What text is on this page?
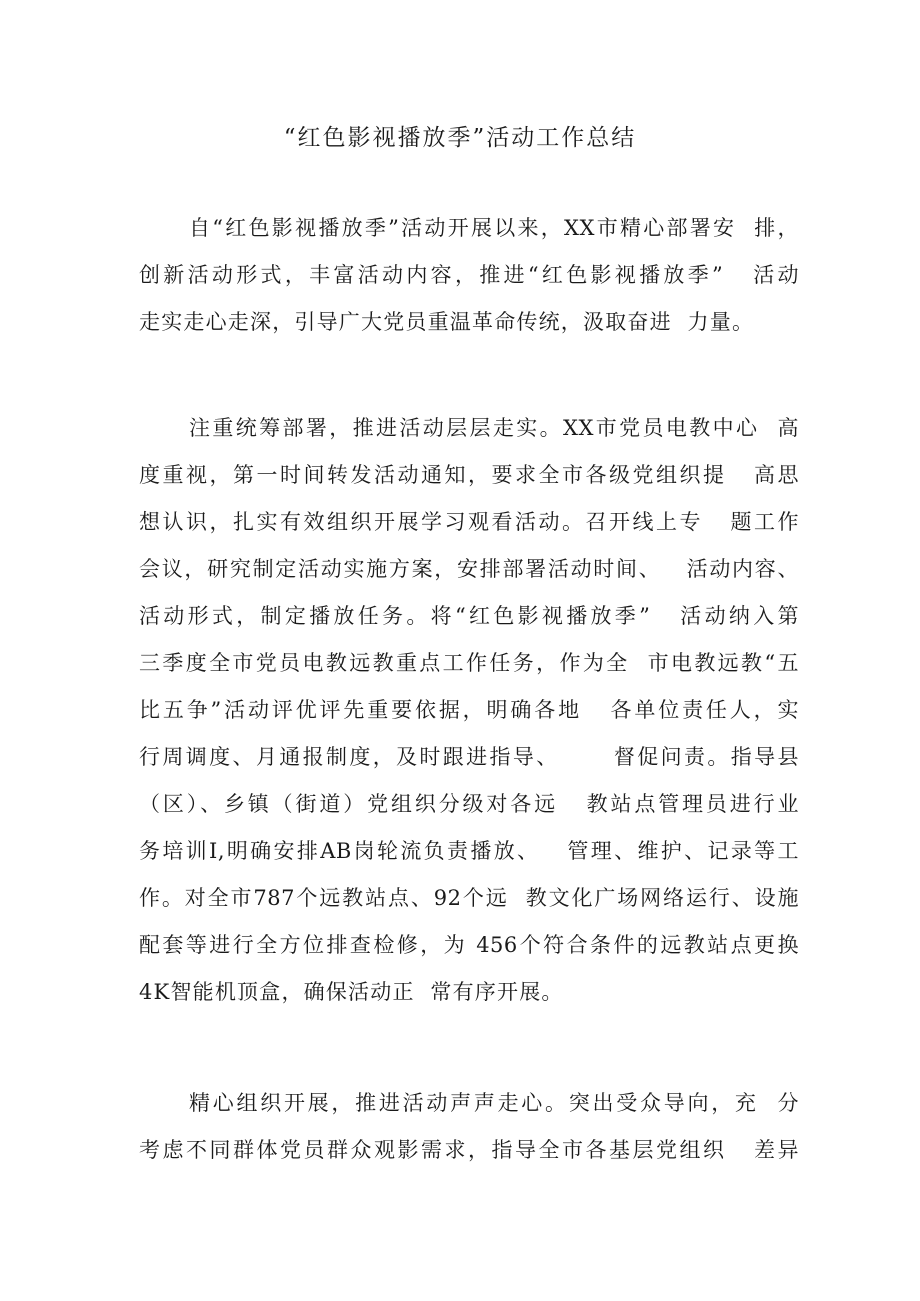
“红色影视播放季”活动工作总结
自“红色影视播放季”活动开展以来，XX市精心部署安  排，
创新活动形式，丰富活动内容，推进“红色影视播放季”   活动
走实走心走深，引导广大党员重温革命传统，汲取奋进  力量。
注重统筹部署，推进活动层层走实。XX市党员电教中心  高
度重视，第一时间转发活动通知，要求全市各级党组织提   高思
想认识，扎实有效组织开展学习观看活动。召开线上专   题工作
会议，研究制定活动实施方案，安排部署活动时间、   活动内容、
活动形式，制定播放任务。将“红色影视播放季”   活动纳入第
三季度全市党员电教远教重点工作任务，作为全  市电教远教“五
比五争”活动评优评先重要依据，明确各地   各单位责任人，实
行周调度、月通报制度，及时跟进指导、      督促问责。指导县
（区）、乡镇（街道）党组织分级对各远   教站点管理员进行业
务培训I,明确安排AB岗轮流负责播放、   管理、维护、记录等工
作。对全市787个远教站点、92个远  教文化广场网络运行、设施
配套等进行全方位排查检修，为 456个符合条件的远教站点更换
4K智能机顶盒，确保活动正  常有序开展。
精心组织开展，推进活动声声走心。突出受众导向，充  分
考虑不同群体党员群众观影需求，指导全市各基层党组织   差异
